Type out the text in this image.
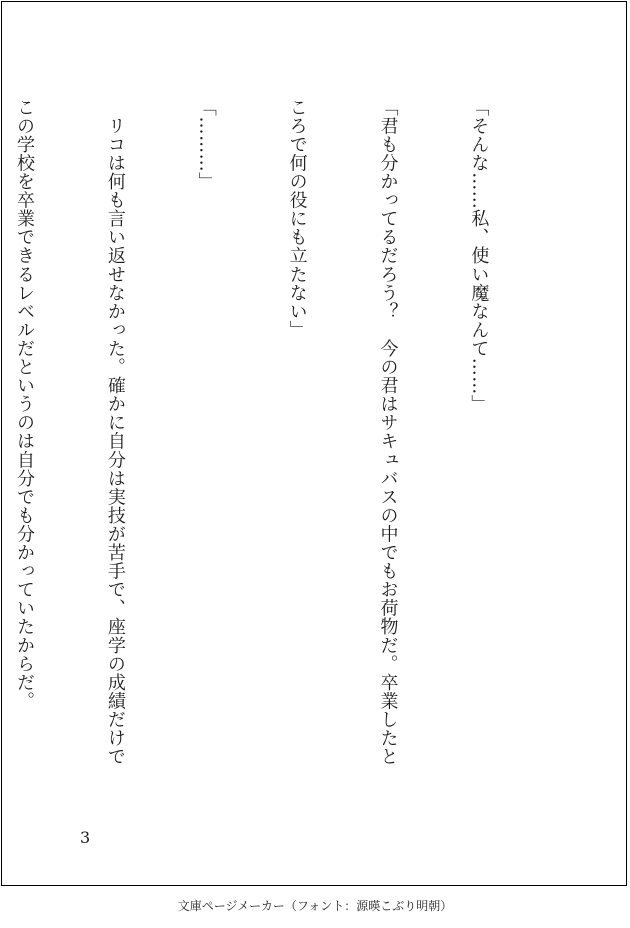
「そんな……私、使い魔なんて……」

「君も分かってるだろう？　今の君はサキュバスの中でもお荷物だ。卒業したと

ころで何の役にも立たない」

「………」

　リコは何も言い返せなかった。確かに自分は実技が苦手で、座学の成績だけで

この学校を卒業できるレベルだというのは自分でも分かっていたからだ。

3
文庫ページメーカー（フォント：源暎こぶり明朝）
